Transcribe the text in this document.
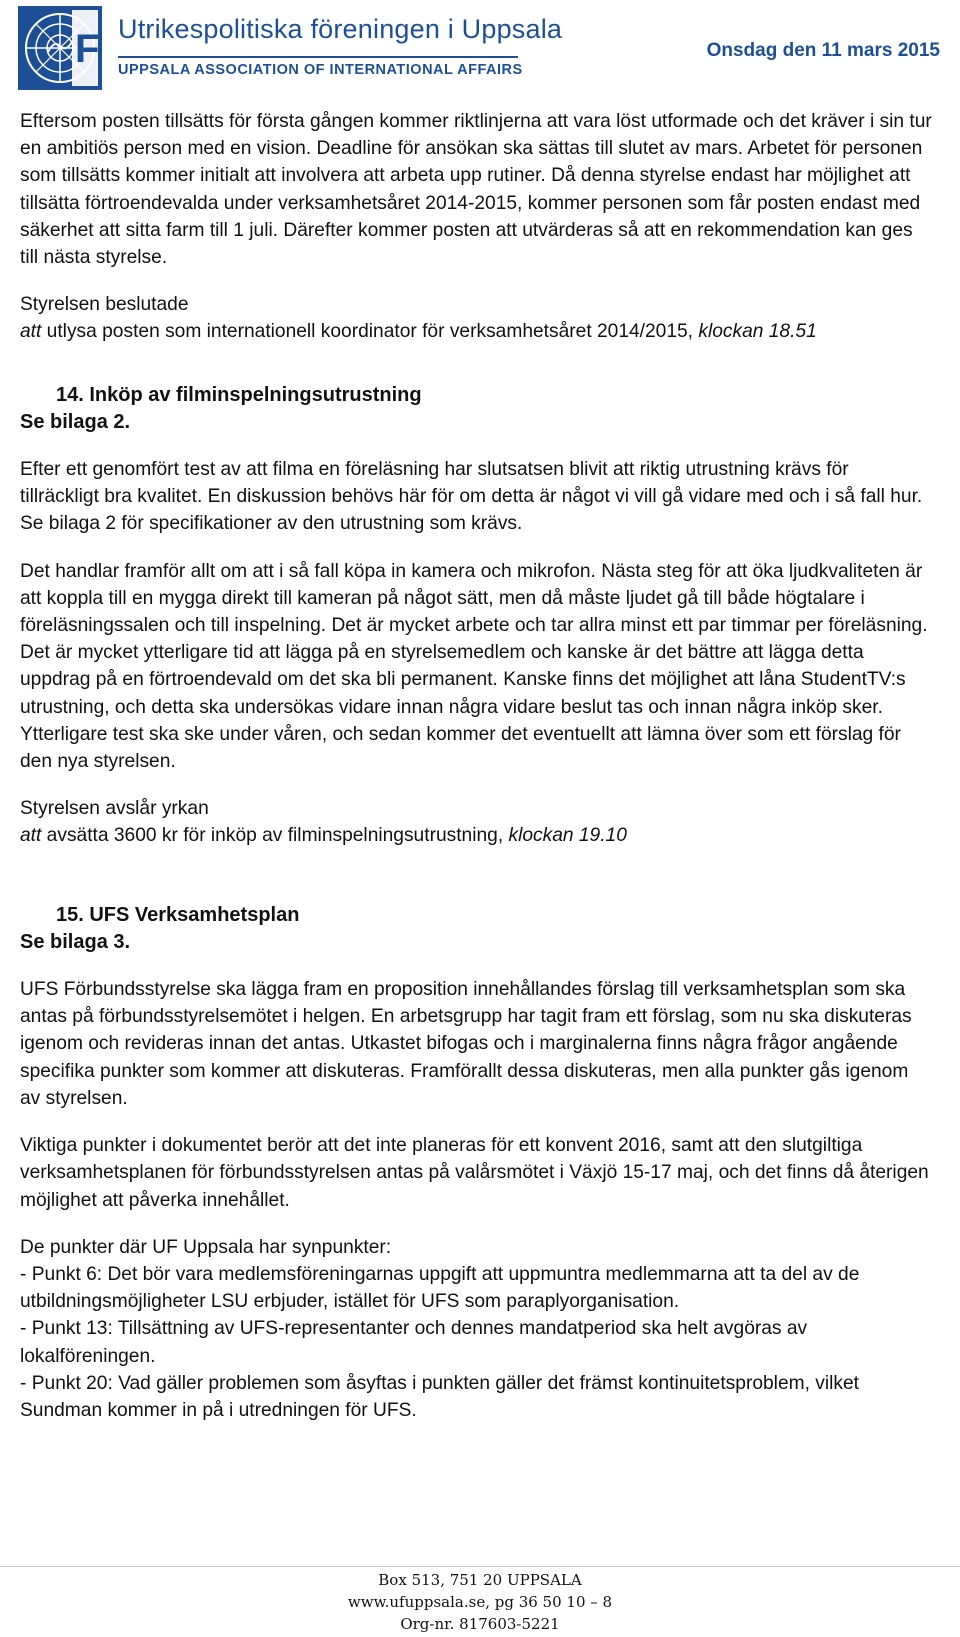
F Utrikespolitiska föreningen i Uppsala
UPPSALA ASSOCIATION OF INTERNATIONAL AFFAIRS
Onsdag den 11 mars 2015

Eftersom posten tillsätts för första gången kommer riktlinjerna att vara löst utformade och det kräver i sin tur en ambitiös person med en vision. Deadline för ansökan ska sättas till slutet av mars. Arbetet för personen som tillsätts kommer initialt att involvera att arbeta upp rutiner. Då denna styrelse endast har möjlighet att tillsätta förtroendevalda under verksamhetsåret 2014-2015, kommer personen som får posten endast med säkerhet att sitta farm till 1 juli. Därefter kommer posten att utvärderas så att en rekommendation kan ges till nästa styrelse.

Styrelsen beslutade

att utlysa posten som internationell koordinator för verksamhetsåret 2014/2015, klockan 18.51

14. Inköp av filminspelningsutrustning

Se bilaga 2.

Efter ett genomfört test av att filma en föreläsning har slutsatsen blivit att riktig utrustning krävs för tillräckligt bra kvalitet. En diskussion behövs här för om detta är något vi vill gå vidare med och i så fall hur. Se bilaga 2 för specifikationer av den utrustning som krävs.

Det handlar framför allt om att i så fall köpa in kamera och mikrofon. Nästa steg för att öka ljudkvaliteten är att koppla till en mygga direkt till kameran på något sätt, men då måste ljudet gå till både högtalare i föreläsningssalen och till inspelning. Det är mycket arbete och tar allra minst ett par timmar per föreläsning. Det är mycket ytterligare tid att lägga på en styrelsemedlem och kanske är det bättre att lägga detta uppdrag på en förtroendevald om det ska bli permanent. Kanske finns det möjlighet att låna StudentTV:s utrustning, och detta ska undersökas vidare innan några vidare beslut tas och innan några inköp sker. Ytterligare test ska ske under våren, och sedan kommer det eventuellt att lämna över som ett förslag för den nya styrelsen.

Styrelsen avslår yrkan

att avsätta 3600 kr för inköp av filminspelningsutrustning, klockan 19.10

15. UFS Verksamhetsplan

Se bilaga 3.

UFS Förbundsstyrelse ska lägga fram en proposition innehållandes förslag till verksamhetsplan som ska antas på förbundsstyrelsemötet i helgen. En arbetsgrupp har tagit fram ett förslag, som nu ska diskuteras igenom och revideras innan det antas. Utkastet bifogas och i marginalerna finns några frågor angående specifika punkter som kommer att diskuteras. Framförallt dessa diskuteras, men alla punkter gås igenom av styrelsen.

Viktiga punkter i dokumentet berör att det inte planeras för ett konvent 2016, samt att den slutgiltiga verksamhetsplanen för förbundsstyrelsen antas på valårsmötet i Växjö 15-17 maj, och det finns då återigen möjlighet att påverka innehållet.

De punkter där UF Uppsala har synpunkter:

- Punkt 6: Det bör vara medlemsföreningarnas uppgift att uppmuntra medlemmarna att ta del av de utbildningsmöjligheter LSU erbjuder, istället för UFS som paraplyorganisation.

- Punkt 13: Tillsättning av UFS-representanter och dennes mandatperiod ska helt avgöras av lokalföreningen.

- Punkt 20: Vad gäller problemen som åsyftas i punkten gäller det främst kontinuitetsproblem, vilket Sundman kommer in på i utredningen för UFS.

Box 513, 751 20 UPPSALA
www.ufuppsala.se, pg 36 50 10 – 8
Org-nr. 817603-5221
